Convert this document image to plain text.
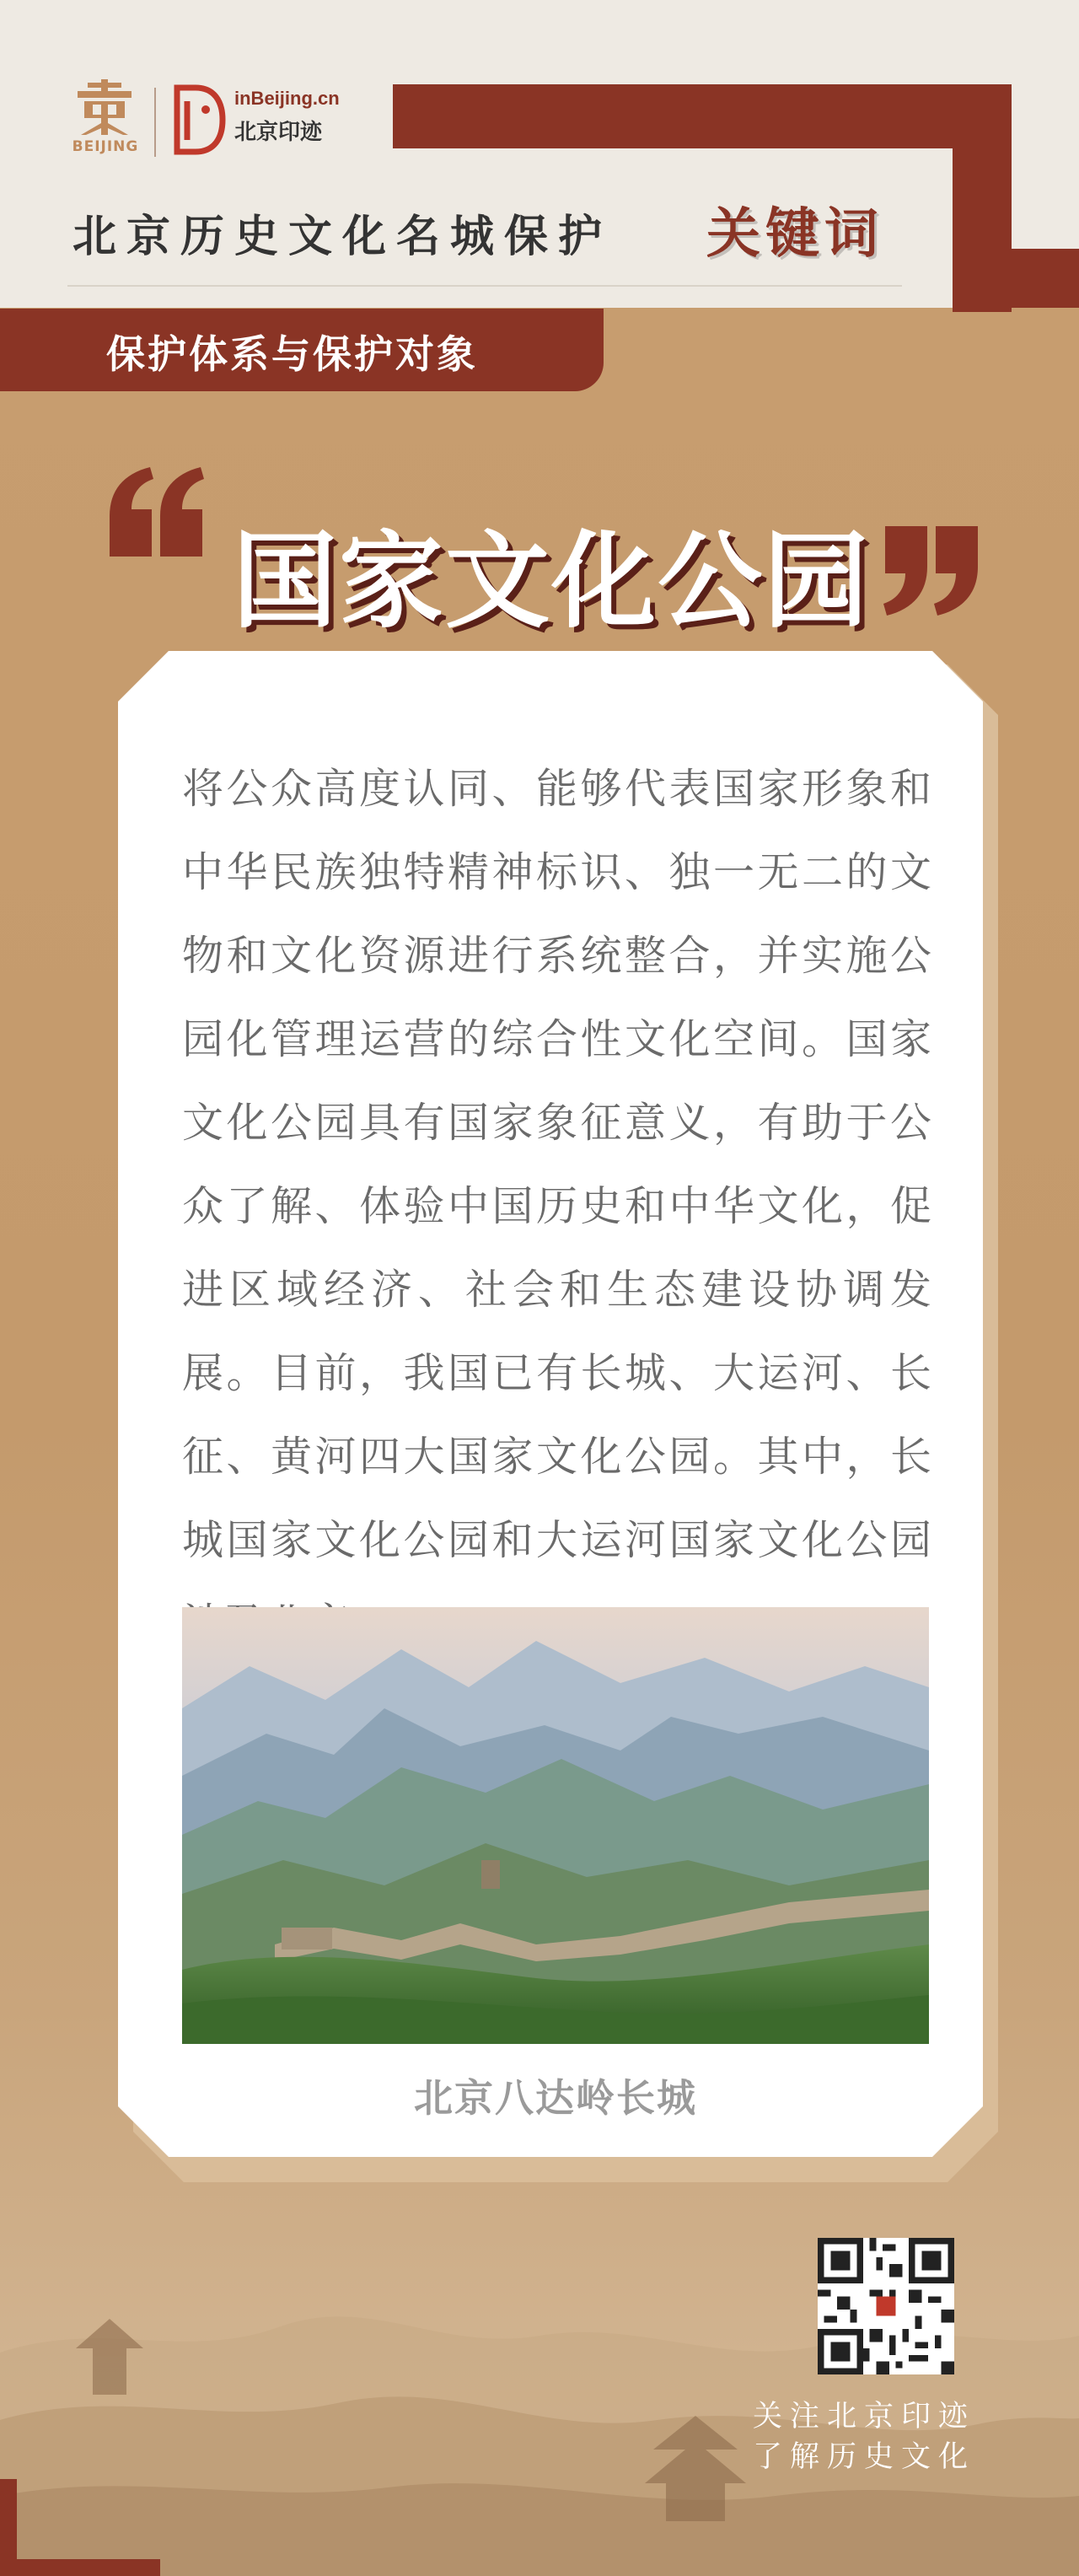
BEIJING
inBeijing.cn
北京印迹
北京历史文化名城保护 关键词
保护体系与保护对象
国家文化公园
将公众高度认同、能够代表国家形象和中华民族独特精神标识、独一无二的文物和文化资源进行系统整合，并实施公园化管理运营的综合性文化空间。国家文化公园具有国家象征意义，有助于公众了解、体验中国历史和中华文化，促进区域经济、社会和生态建设协调发展。目前，我国已有长城、大运河、长征、黄河四大国家文化公园。其中，长城国家文化公园和大运河国家文化公园
北京八达岭长城
关注北京印迹
了解历史文化
